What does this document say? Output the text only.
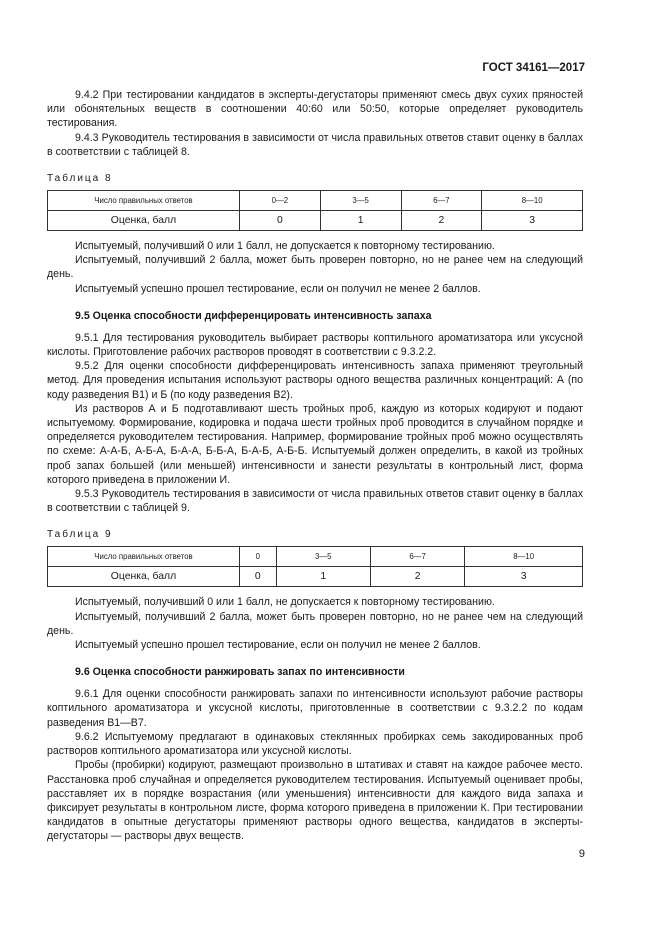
ГОСТ 34161—2017

9.4.2 При тестировании кандидатов в эксперты-дегустаторы применяют смесь двух сухих пряностей или обонятельных веществ в соотношении 40:60 или 50:50, которые определяет руководитель тестирования.

9.4.3 Руководитель тестирования в зависимости от числа правильных ответов ставит оценку в баллах в соответствии с таблицей 8.

Таблица 8
Число правильных ответов	0—2	3—5	6—7	8—10
Оценка, балл	0	1	2	3

Испытуемый, получивший 0 или 1 балл, не допускается к повторному тестированию.

Испытуемый, получивший 2 балла, может быть проверен повторно, но не ранее чем на следующий день.

Испытуемый успешно прошел тестирование, если он получил не менее 2 баллов.

9.5 Оценка способности дифференцировать интенсивность запаха

9.5.1 Для тестирования руководитель выбирает растворы коптильного ароматизатора или уксусной кислоты. Приготовление рабочих растворов проводят в соответствии с 9.3.2.2.

9.5.2 Для оценки способности дифференцировать интенсивность запаха применяют треугольный метод. Для проведения испытания используют растворы одного вещества различных концентраций: А (по коду разведения В1) и Б (по коду разведения В2).

Из растворов А и Б подготавливают шесть тройных проб, каждую из которых кодируют и подают испытуемому. Формирование, кодировка и подача шести тройных проб проводится в случайном порядке и определяется руководителем тестирования. Например, формирование тройных проб можно осуществлять по схеме: А-А-Б, А-Б-А, Б-А-А, Б-Б-А, Б-А-Б, А-Б-Б. Испытуемый должен определить, в какой из тройных проб запах большей (или меньшей) интенсивности и занести результаты в контрольный лист, форма которого приведена в приложении И.

9.5.3 Руководитель тестирования в зависимости от числа правильных ответов ставит оценку в баллах в соответствии с таблицей 9.

Таблица 9
Число правильных ответов	0	3—5	6—7	8—10
Оценка, балл	0	1	2	3

Испытуемый, получивший 0 или 1 балл, не допускается к повторному тестированию.

Испытуемый, получивший 2 балла, может быть проверен повторно, но не ранее чем на следующий день.

Испытуемый успешно прошел тестирование, если он получил не менее 2 баллов.

9.6 Оценка способности ранжировать запах по интенсивности

9.6.1 Для оценки способности ранжировать запахи по интенсивности используют рабочие растворы коптильного ароматизатора и уксусной кислоты, приготовленные в соответствии с 9.3.2.2 по кодам разведения В1—В7.

9.6.2 Испытуемому предлагают в одинаковых стеклянных пробирках семь закодированных проб растворов коптильного ароматизатора или уксусной кислоты.

Пробы (пробирки) кодируют, размещают произвольно в штативах и ставят на каждое рабочее место. Расстановка проб случайная и определяется руководителем тестирования. Испытуемый оценивает пробы, расставляет их в порядке возрастания (или уменьшения) интенсивности для каждого вида запаха и фиксирует результаты в контрольном листе, форма которого приведена в приложении К. При тестировании кандидатов в опытные дегустаторы применяют растворы одного вещества, кандидатов в эксперты-дегустаторы — растворы двух веществ.

9
